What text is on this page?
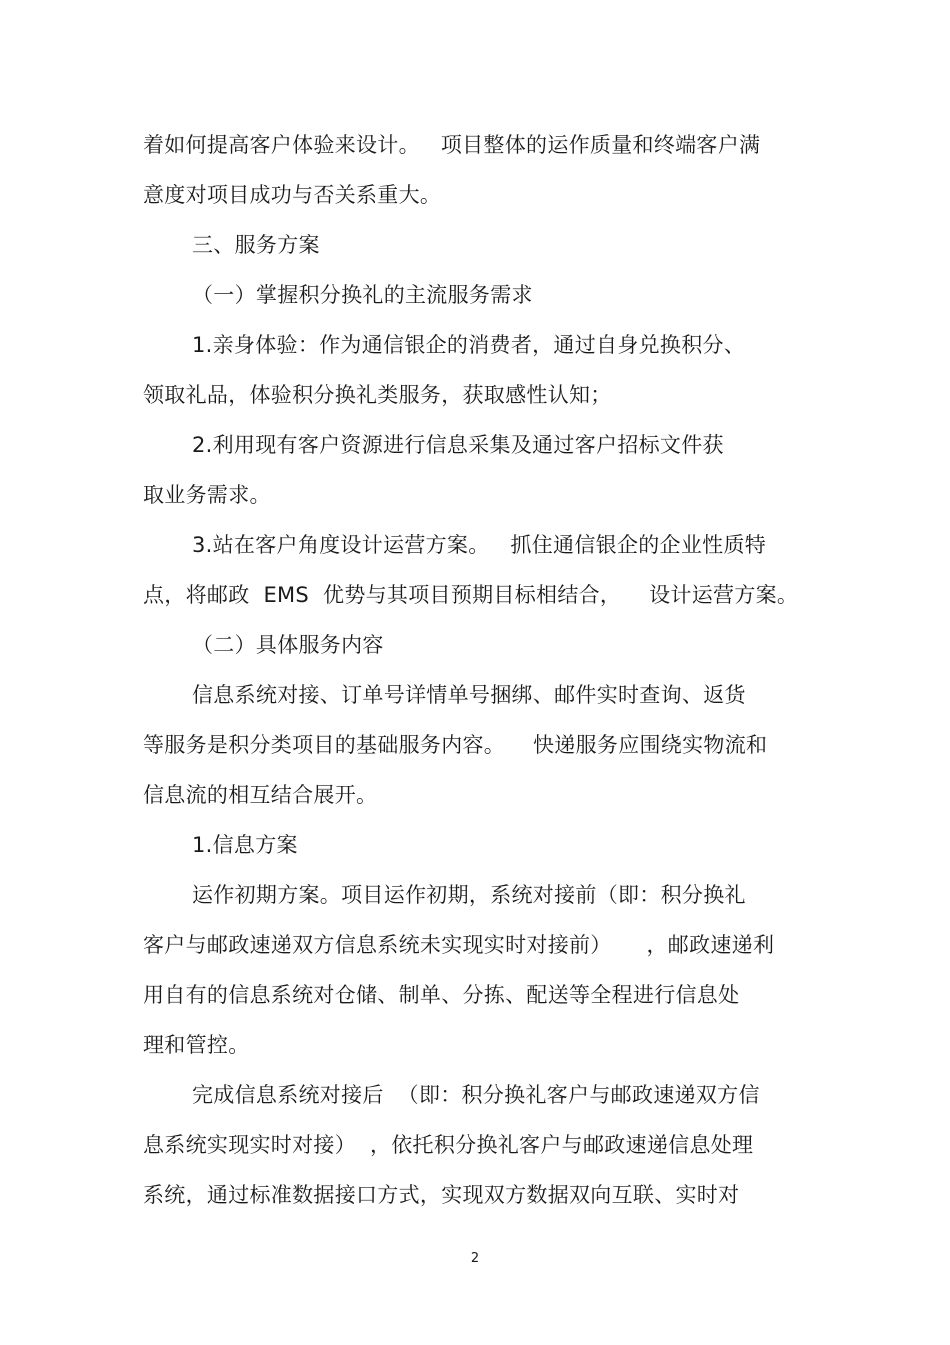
着如何提高客户体验来设计。   项目整体的运作质量和终端客户满

意度对项目成功与否关系重大。

三、服务方案

（一）掌握积分换礼的主流服务需求

1.亲身体验：作为通信银企的消费者，通过自身兑换积分、

领取礼品，体验积分换礼类服务，获取感性认知；

2.利用现有客户资源进行信息采集及通过客户招标文件获

取业务需求。

3.站在客户角度设计运营方案。   抓住通信银企的企业性质特

点，将邮政  EMS  优势与其项目预期目标相结合，    设计运营方案。

（二）具体服务内容

信息系统对接、订单号详情单号捆绑、邮件实时查询、返货

等服务是积分类项目的基础服务内容。    快递服务应围绕实物流和

信息流的相互结合展开。

1.信息方案

运作初期方案。项目运作初期，系统对接前（即：积分换礼

客户与邮政速递双方信息系统未实现实时对接前）     ，邮政速递利

用自有的信息系统对仓储、制单、分拣、配送等全程进行信息处

理和管控。

完成信息系统对接后  （即：积分换礼客户与邮政速递双方信

息系统实现实时对接）  ，依托积分换礼客户与邮政速递信息处理

系统，通过标准数据接口方式，实现双方数据双向互联、实时对

2
